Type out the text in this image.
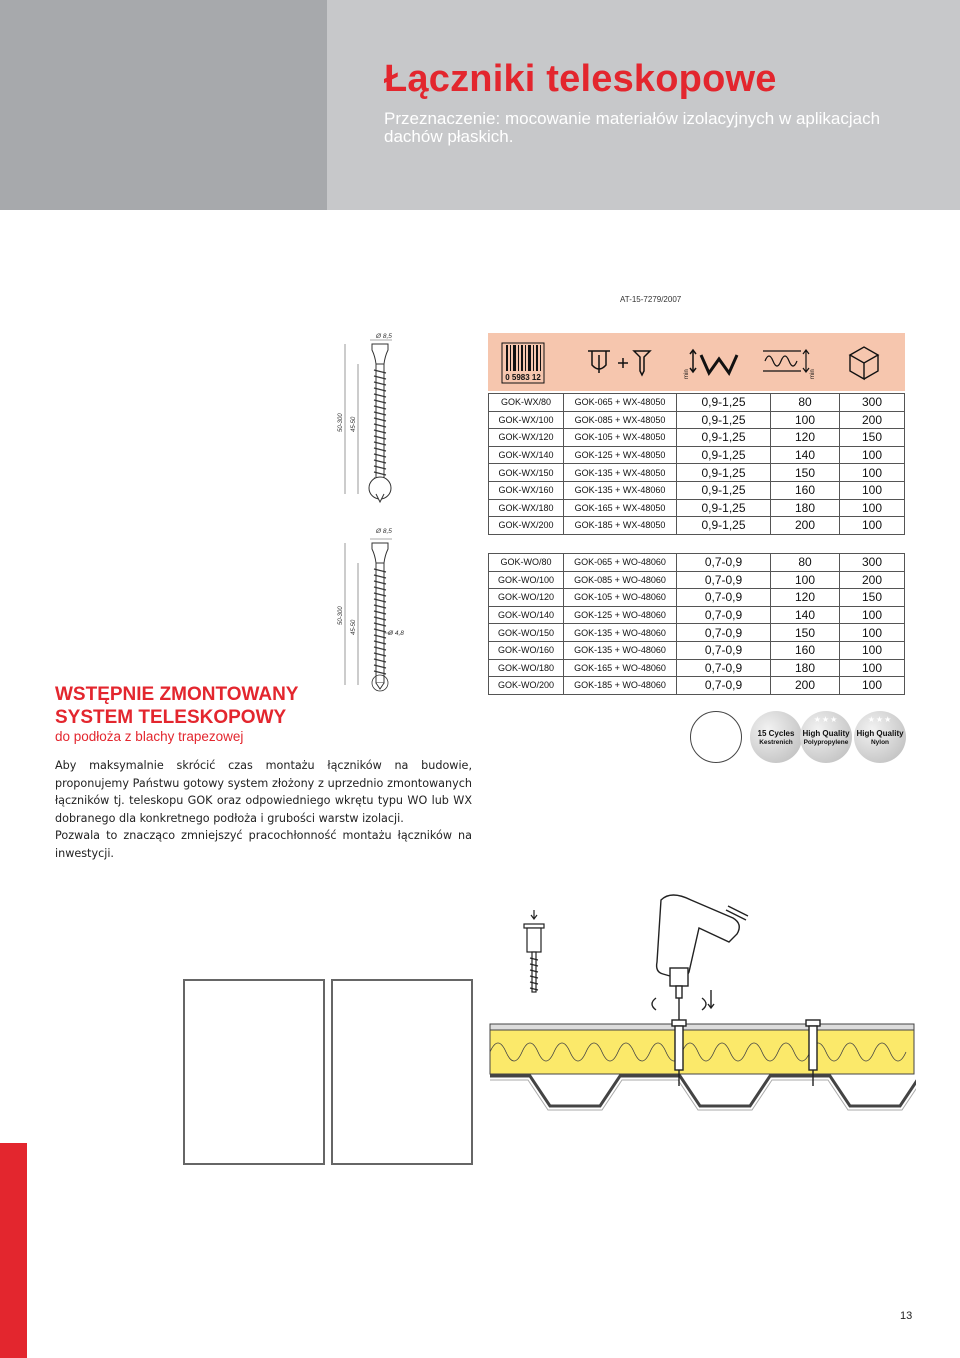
Łączniki teleskopowe
Przeznaczenie: mocowanie materiałów izolacyjnych w aplikacjach dachów płaskich.
AT-15-7279/2007
0 5983 12	min	min
Ø 8,5
50-300 45-50
Ø 8,5
50-300
45-50	Ø 4,8
GOK-WX/80	GOK-065 + WX-48050	0,9-1,25	80	300
GOK-WX/100	GOK-085 + WX-48050	0,9-1,25	100	200
GOK-WX/120	GOK-105 + WX-48050	0,9-1,25	120	150
GOK-WX/140	GOK-125 + WX-48050	0,9-1,25	140	100
GOK-WX/150	GOK-135 + WX-48050	0,9-1,25	150	100
GOK-WX/160	GOK-135 + WX-48060	0,9-1,25	160	100
GOK-WX/180	GOK-165 + WX-48050	0,9-1,25	180	100
GOK-WX/200	GOK-185 + WX-48050	0,9-1,25	200	100
GOK-WO/80	GOK-065 + WO-48060	0,7-0,9	80	300
GOK-WO/100	GOK-085 + WO-48060	0,7-0,9	100	200
GOK-WO/120	GOK-105 + WO-48060	0,7-0,9	120	150
GOK-WO/140	GOK-125 + WO-48060	0,7-0,9	140	100
GOK-WO/150	GOK-135 + WO-48060	0,7-0,9	150	100
GOK-WO/160	GOK-135 + WO-48060	0,7-0,9	160	100
GOK-WO/180	GOK-165 + WO-48060	0,7-0,9	180	100
GOK-WO/200	GOK-185 + WO-48060	0,7-0,9	200	100
15 Cycles
Kestrenich
★★★
High Quality
Polypropylene
★★★
High Quality
Nylon
WSTĘPNIE ZMONTOWANY
SYSTEM TELESKOPOWY
do podłoża z blachy trapezowej

Aby maksymalnie skrócić czas montażu łączników na budowie, proponujemy Państwu gotowy system złożony z uprzednio zmontowanych łączników tj. teleskopu GOK oraz odpowiedniego wkrętu typu WO lub WX dobranego dla konkretnego podłoża i grubości warstw izolacji.

Pozwala to znacząco zmniejszyć pracochłonność montażu łączników na inwestycji.

13
